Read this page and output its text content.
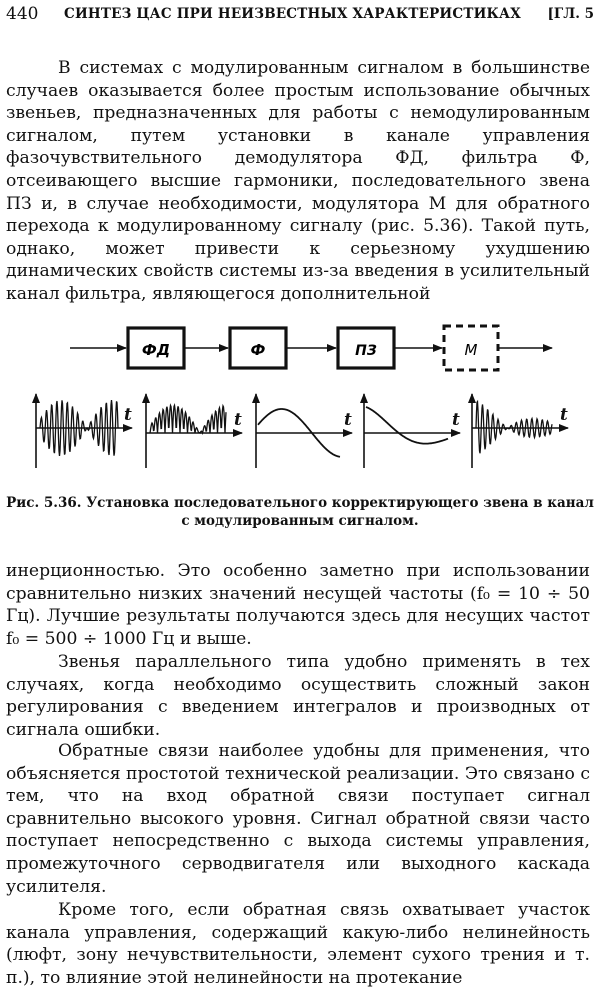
440 СИНТЕЗ ЦАС ПРИ НЕИЗВЕСТНЫХ ХАРАКТЕРИСТИКАХ [ГЛ. 5

В системах с модулированным сигналом в большинстве случаев оказывается более простым использование обычных звеньев, предназначенных для работы с немодулированным сигналом, путем установки в канале управления фазочувствительного демодулятора ФД, фильтра Ф, отсеивающего высшие гармоники, последовательного звена ПЗ и, в случае необходимости, модулятора М для обратного перехода к модулированному сигналу (рис. 5.36). Такой путь, однако, может привести к серьезному ухудшению динамических свойств системы из-за введения в усилительный канал фильтра, являющегося дополнительной

ФД	Ф	ПЗ	М
t	t	t	t	t
Рис. 5.36. Установка последовательного корректирующего звена в канал с модулированным сигналом.

инерционностью. Это особенно заметно при использовании сравнительно низких значений несущей частоты (f₀ = 10 ÷ 50 Гц). Лучшие результаты получаются здесь для несущих частот f₀ = 500 ÷ 1000 Гц и выше.

Звенья параллельного типа удобно применять в тех случаях, когда необходимо осуществить сложный закон регулирования с введением интегралов и производных от сигнала ошибки.

Обратные связи наиболее удобны для применения, что объясняется простотой технической реализации. Это связано с тем, что на вход обратной связи поступает сигнал сравнительно высокого уровня. Сигнал обратной связи часто поступает непосредственно с выхода системы управления, промежуточного серводвигателя или выходного каскада усилителя.

Кроме того, если обратная связь охватывает участок канала управления, содержащий какую-либо нелинейность (люфт, зону нечувствительности, элемент сухого трения и т. п.), то влияние этой нелинейности на протекание
